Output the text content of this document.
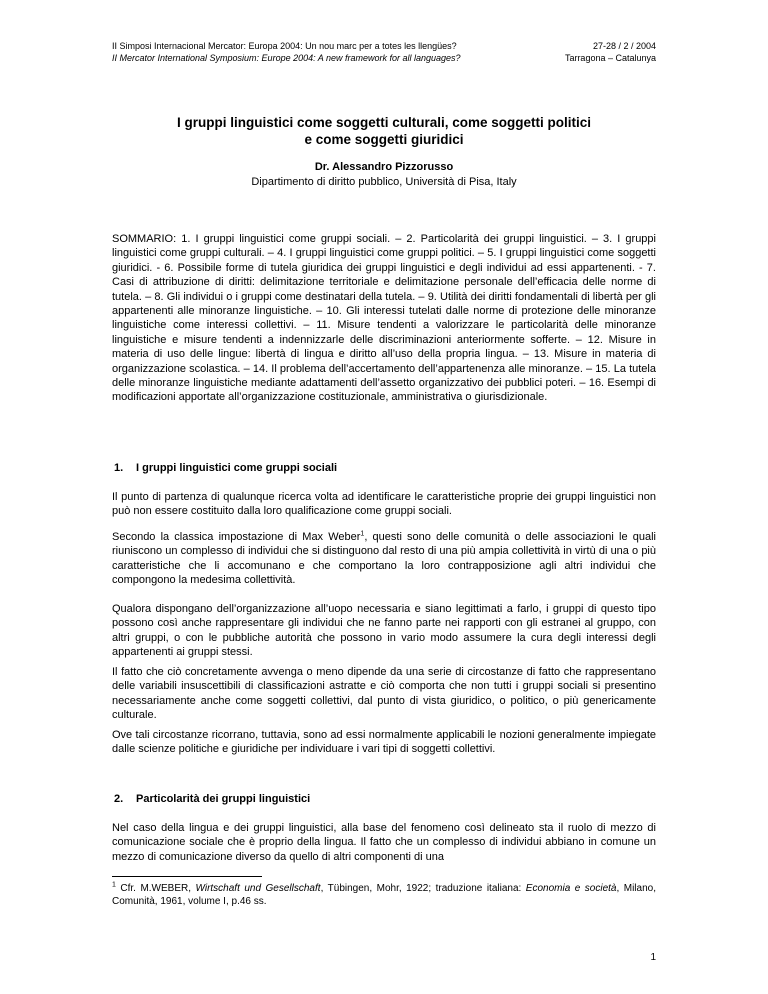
II Simposi Internacional Mercator: Europa 2004: Un nou marc per a totes les llengües?
II Mercator International Symposium: Europe 2004: A new framework for all languages?
27-28 / 2 / 2004
Tarragona – Catalunya
I gruppi linguistici come soggetti culturali, come soggetti politici
e come soggetti giuridici
Dr. Alessandro Pizzorusso
Dipartimento di diritto pubblico, Università di Pisa, Italy

SOMMARIO: 1. I gruppi linguistici come gruppi sociali. – 2. Particolarità dei gruppi linguistici. – 3. I gruppi linguistici come gruppi culturali. – 4. I gruppi linguistici come gruppi politici. – 5. I gruppi linguistici come soggetti giuridici. - 6. Possibile forme di tutela giuridica dei gruppi linguistici e degli individui ad essi appartenenti. - 7. Casi di attribuzione di diritti: delimitazione territoriale e delimitazione personale dell’efficacia delle norme di tutela. – 8. Gli individui o i gruppi come destinatari della tutela. – 9. Utilità dei diritti fondamentali di libertà per gli appartenenti alle minoranze linguistiche. – 10. Gli interessi tutelati dalle norme di protezione delle minoranze linguistiche come interessi collettivi. – 11. Misure tendenti a valorizzare le particolarità delle minoranze linguistiche e misure tendenti a indennizzarle delle discriminazioni anteriormente sofferte. – 12. Misure in materia di uso delle lingue: libertà di lingua e diritto all’uso della propria lingua. – 13. Misure in materia di organizzazione scolastica. – 14. Il problema dell’accertamento dell’appartenenza alle minoranze. – 15. La tutela delle minoranze linguistiche mediante adattamenti dell’assetto organizzativo dei pubblici poteri. – 16. Esempi di modificazioni apportate all’organizzazione costituzionale, amministrativa o giurisdizionale.

1. I gruppi linguistici come gruppi sociali

Il punto di partenza di qualunque ricerca volta ad identificare le caratteristiche proprie dei gruppi linguistici non può non essere costituito dalla loro qualificazione come gruppi sociali.

Secondo la classica impostazione di Max Weber$^1$, questi sono delle comunità o delle associazioni le quali riuniscono un complesso di individui che si distinguono dal resto di una più ampia collettività in virtù di una o più caratteristiche che li accomunano e che comportano la loro contrapposizione agli altri individui che compongono la medesima collettività.

Qualora dispongano dell’organizzazione all’uopo necessaria e siano legittimati a farlo, i gruppi di questo tipo possono così anche rappresentare gli individui che ne fanno parte nei rapporti con gli estranei al gruppo, con altri gruppi, o con le pubbliche autorità che possono in vario modo assumere la cura degli interessi degli appartenenti ai gruppi stessi.

Il fatto che ciò concretamente avvenga o meno dipende da una serie di circostanze di fatto che rappresentano delle variabili insuscettibili di classificazioni astratte e ciò comporta che non tutti i gruppi sociali si presentino necessariamente anche come soggetti collettivi, dal punto di vista giuridico, o politico, o più genericamente culturale.

Ove tali circostanze ricorrano, tuttavia, sono ad essi normalmente applicabili le nozioni generalmente impiegate dalle scienze politiche e giuridiche per individuare i vari tipi di soggetti collettivi.

2. Particolarità dei gruppi linguistici

Nel caso della lingua e dei gruppi linguistici, alla base del fenomeno così delineato sta il ruolo di mezzo di comunicazione sociale che è proprio della lingua. Il fatto che un complesso di individui abbiano in comune un mezzo di comunicazione diverso da quello di altri componenti di una

$^1$ Cfr. M.WEBER, Wirtschaft und Gesellschaft, Tübingen, Mohr, 1922; traduzione italiana: Economia e società, Milano, Comunità, 1961, volume I, p.46 ss.
1
